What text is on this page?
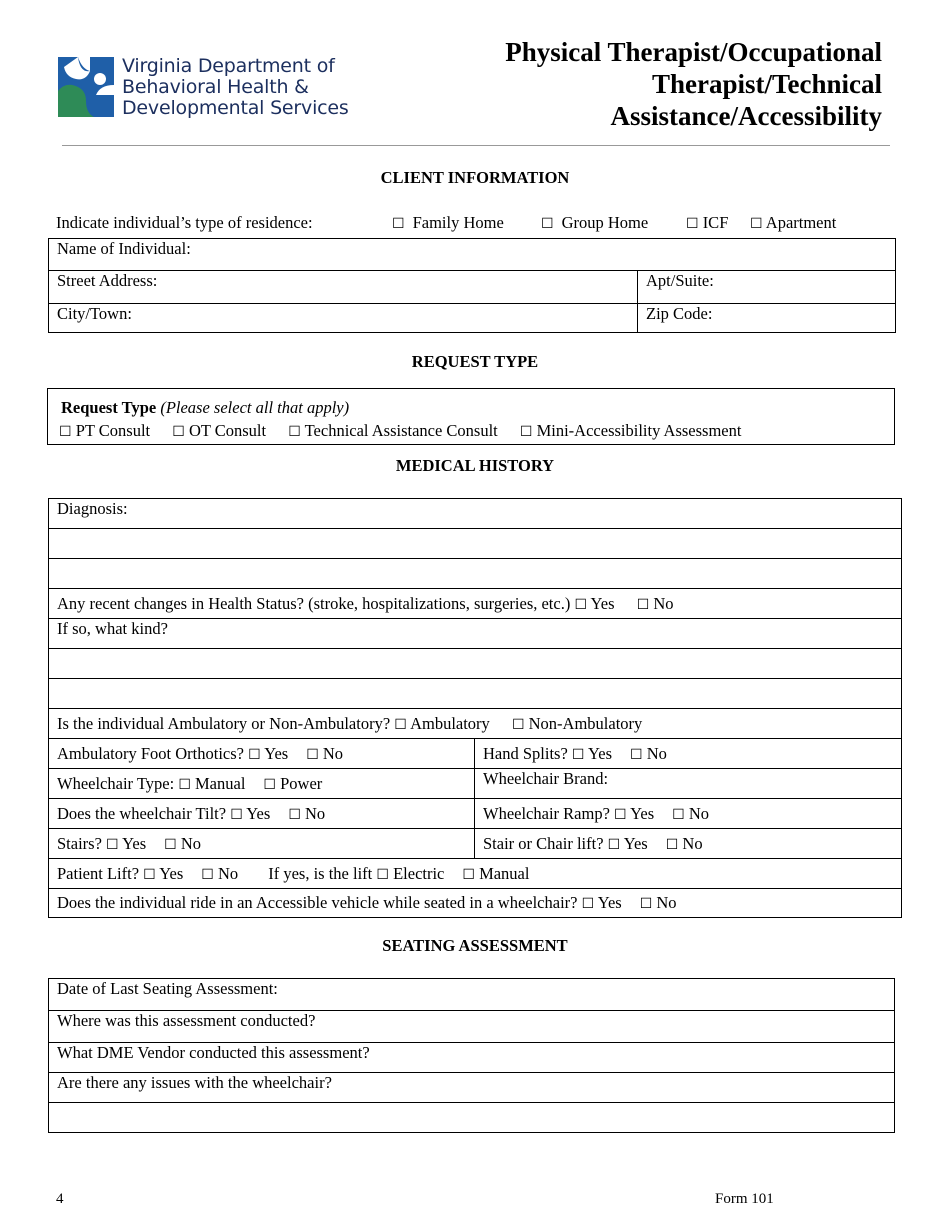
Virginia Department of
Behavioral Health &
Developmental Services
Physical Therapist/Occupational
Therapist/Technical
Assistance/Accessibility
CLIENT INFORMATION
Indicate individual’s type of residence:	☐ Family Home	☐ Group Home	☐ ICF ☐ Apartment
Name of Individual:	
Street Address:	Apt/Suite:
City/Town:	Zip Code:
REQUEST TYPE
Request Type (Please select all that apply)
☐ PT Consult ☐ OT Consult ☐ Technical Assistance Consult ☐ Mini-Accessibility Assessment
MEDICAL HISTORY
Diagnosis:	

Any recent changes in Health Status? (stroke, hospitalizations, surgeries, etc.) ☐ Yes ☐ No	
If so, what kind?	

Is the individual Ambulatory or Non-Ambulatory? ☐ Ambulatory ☐ Non-Ambulatory	
Ambulatory Foot Orthotics? ☐ Yes ☐ No	Hand Splits? ☐ Yes ☐ No
Wheelchair Type: ☐ Manual ☐ Power	Wheelchair Brand:
Does the wheelchair Tilt? ☐ Yes ☐ No	Wheelchair Ramp? ☐ Yes ☐ No
Stairs? ☐ Yes ☐ No	Stair or Chair lift? ☐ Yes ☐ No
Patient Lift? ☐ Yes ☐ No If yes, is the lift ☐ Electric ☐ Manual	
Does the individual ride in an Accessible vehicle while seated in a wheelchair? ☐ Yes ☐ No	
SEATING ASSESSMENT
Date of Last Seating Assessment:
Where was this assessment conducted?
What DME Vendor conducted this assessment?
Are there any issues with the wheelchair?

4	Form 101
